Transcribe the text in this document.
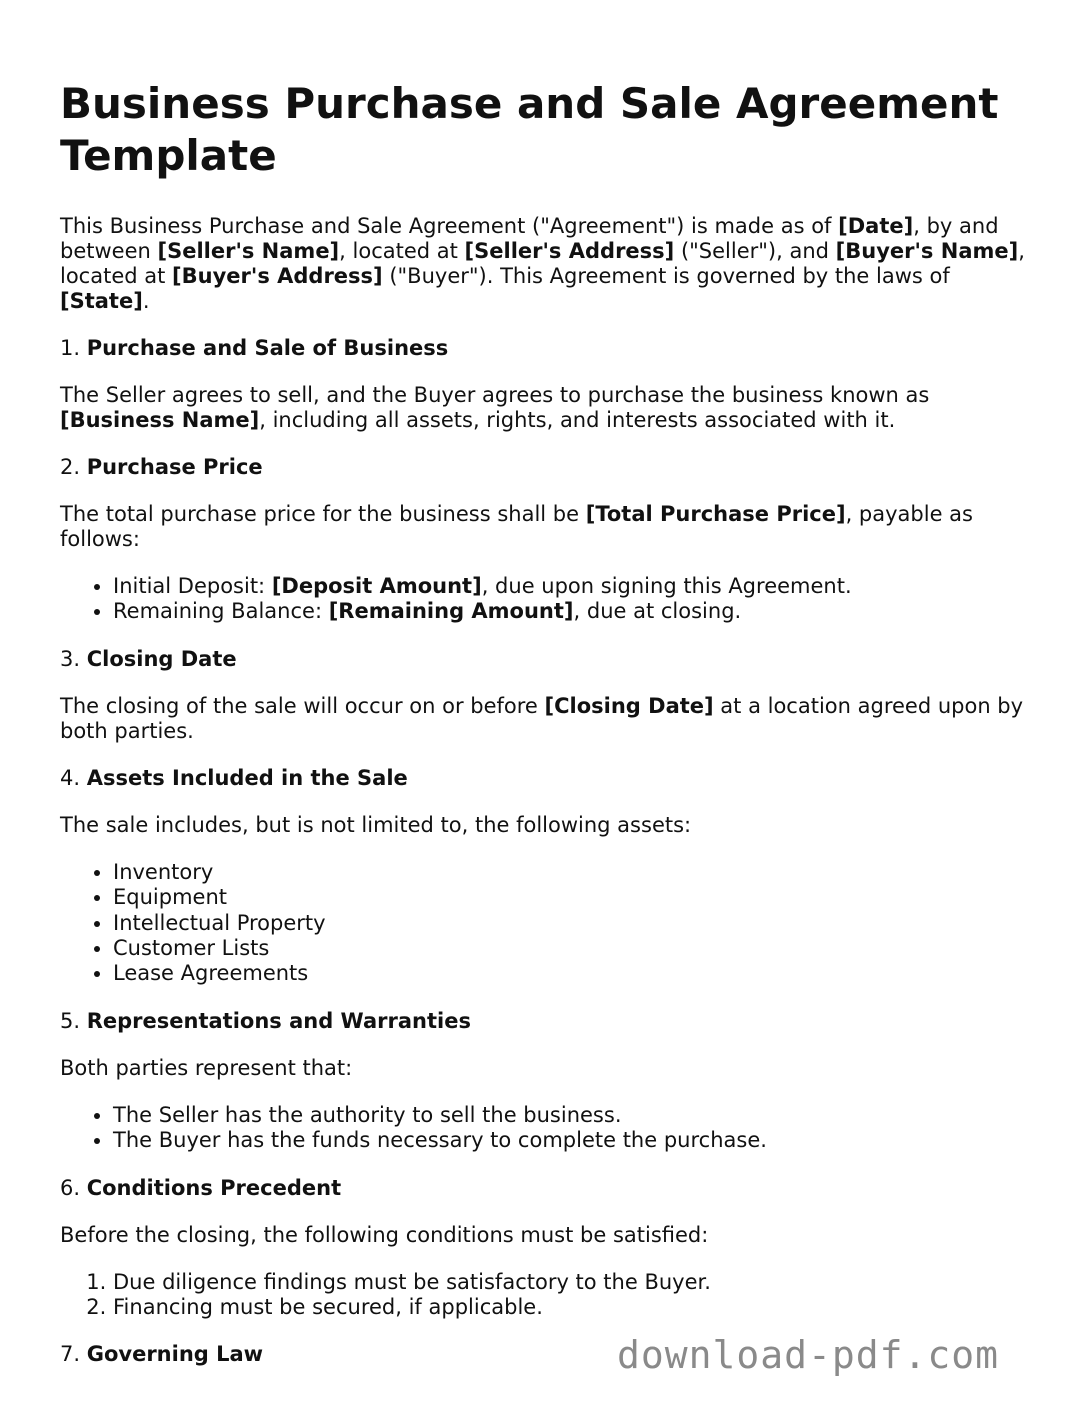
Business Purchase and Sale Agreement Template

This Business Purchase and Sale Agreement ("Agreement") is made as of [Date], by and between [Seller's Name], located at [Seller's Address] ("Seller"), and [Buyer's Name], located at [Buyer's Address] ("Buyer"). This Agreement is governed by the laws of [State].

1. Purchase and Sale of Business

The Seller agrees to sell, and the Buyer agrees to purchase the business known as [Business Name], including all assets, rights, and interests associated with it.

2. Purchase Price

The total purchase price for the business shall be [Total Purchase Price], payable as follows:

• Initial Deposit: [Deposit Amount], due upon signing this Agreement.
• Remaining Balance: [Remaining Amount], due at closing.

3. Closing Date

The closing of the sale will occur on or before [Closing Date] at a location agreed upon by both parties.

4. Assets Included in the Sale

The sale includes, but is not limited to, the following assets:

• Inventory
• Equipment
• Intellectual Property
• Customer Lists
• Lease Agreements

5. Representations and Warranties

Both parties represent that:

• The Seller has the authority to sell the business.
• The Buyer has the funds necessary to complete the purchase.

6. Conditions Precedent

Before the closing, the following conditions must be satisfied:

1. Due diligence findings must be satisfactory to the Buyer.
2. Financing must be secured, if applicable.

7. Governing Law	download-pdf.com
